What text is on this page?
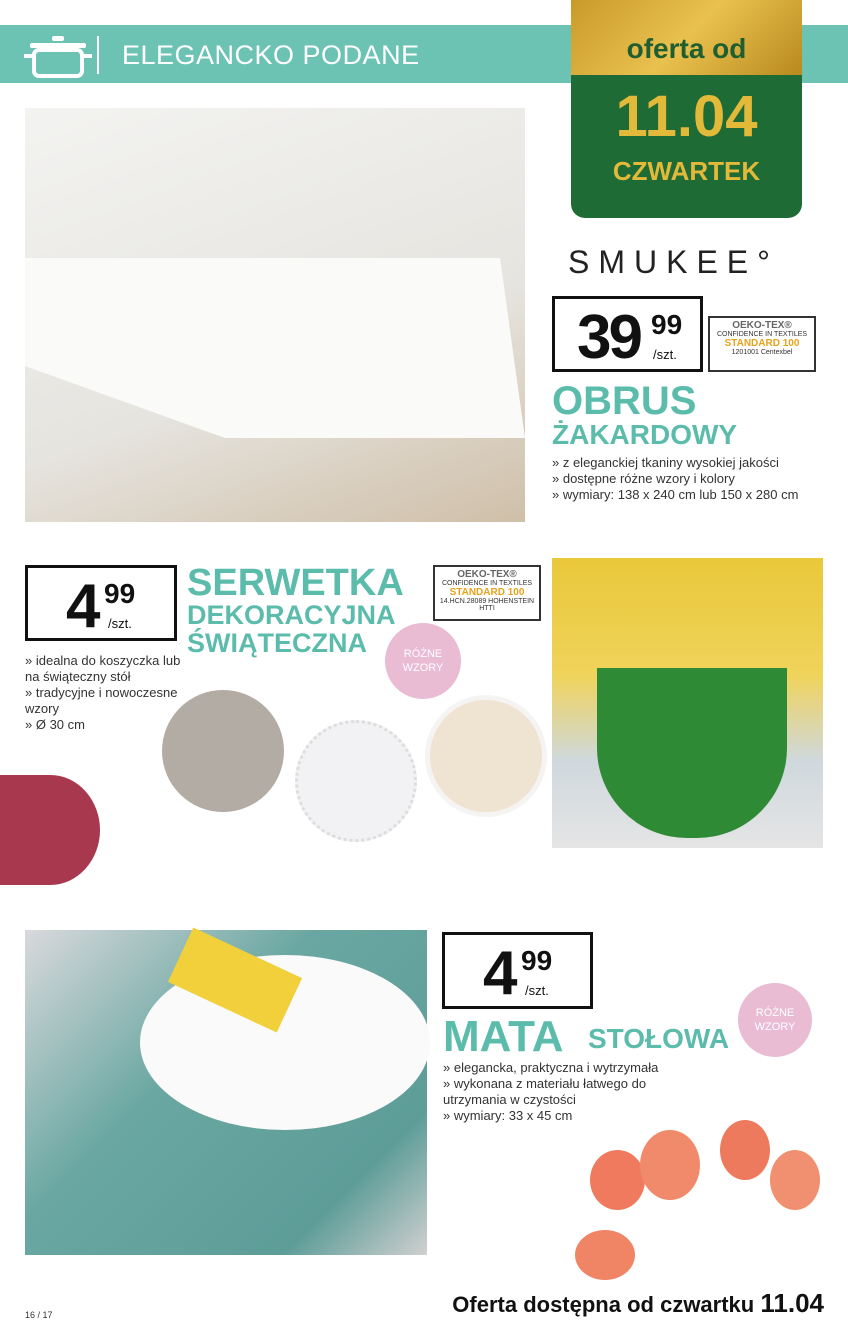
ELEGANCKO PODANE	oferta od
11.04
CZWARTEK
SMUKEE°
39 99
/szt.
OEKO-TEX®
CONFIDENCE IN TEXTILES
STANDARD 100
1201001 Centexbel
OBRUS
ŻAKARDOWY
» z eleganckiej tkaniny wysokiej jakości
» dostępne różne wzory i kolory
» wymiary: 138 x 240 cm lub 150 x 280 cm
4 99
/szt.
SERWETKA
DEKORACYJNA
ŚWIĄTECZNA
OEKO-TEX®
CONFIDENCE IN TEXTILES
STANDARD 100
14.HCN.28089 HOHENSTEIN HTTI
RÓŻNE WZORY
» idealna do koszyczka lub na świąteczny stół
» tradycyjne i nowoczesne wzory
» Ø 30 cm
4 99
/szt.
MATA STOŁOWA
RÓŻNE WZORY
» elegancka, praktyczna i wytrzymała
» wykonana z materiału łatwego do utrzymania w czystości
» wymiary: 33 x 45 cm
16 / 17	Oferta dostępna od czwartku 11.04
